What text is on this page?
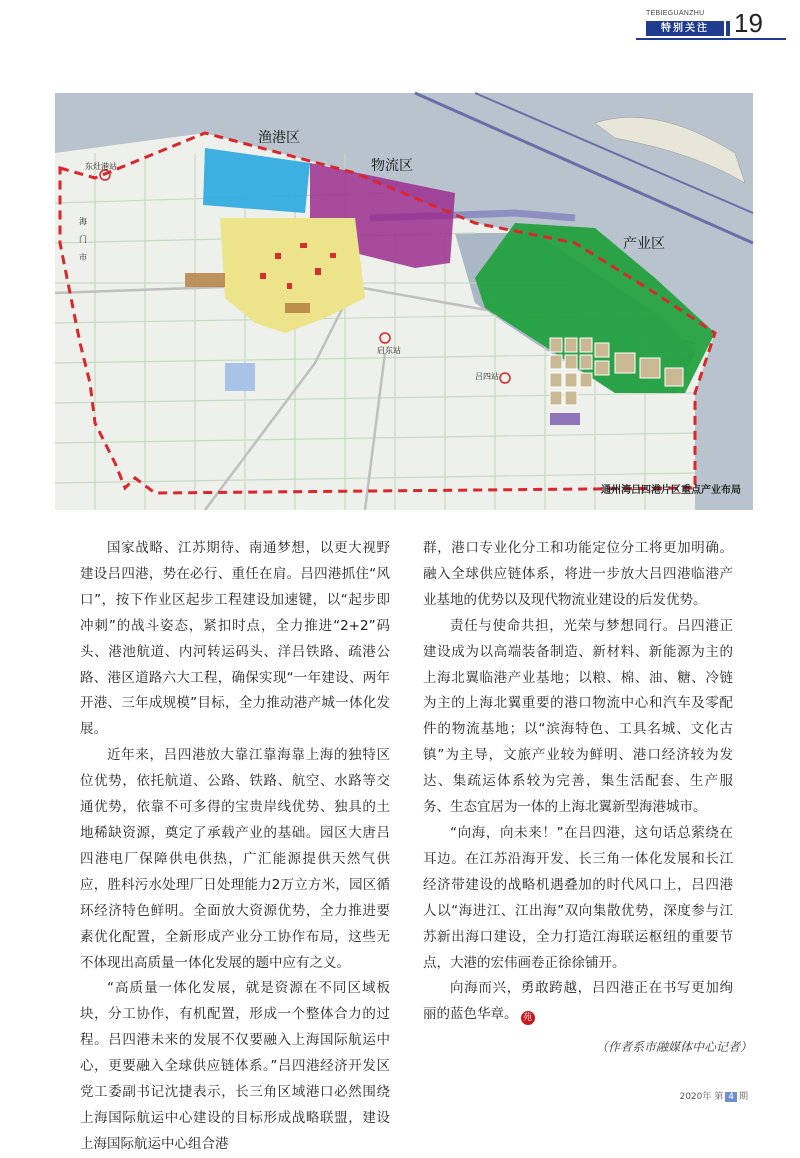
TEBIEGUANZHU
特别关注 19
渔港区
物流区
产业区
东灶港站
吕四站
启东站
海门市
通州湾吕四港片区重点产业布局

国家战略、江苏期待、南通梦想，以更大视野建设吕四港，势在必行、重任在肩。吕四港抓住“风口”，按下作业区起步工程建设加速键，以“起步即冲刺”的战斗姿态，紧扣时点，全力推进“2+2”码头、港池航道、内河转运码头、洋吕铁路、疏港公路、港区道路六大工程，确保实现“一年建设、两年开港、三年成规模”目标，全力推动港产城一体化发展。

近年来，吕四港放大靠江靠海靠上海的独特区位优势，依托航道、公路、铁路、航空、水路等交通优势，依靠不可多得的宝贵岸线优势、独具的土地稀缺资源，奠定了承载产业的基础。园区大唐吕四港电厂保障供电供热，广汇能源提供天然气供应，胜科污水处理厂日处理能力2万立方米，园区循环经济特色鲜明。全面放大资源优势，全力推进要素优化配置，全新形成产业分工协作布局，这些无不体现出高质量一体化发展的题中应有之义。

“高质量一体化发展，就是资源在不同区域板块，分工协作，有机配置，形成一个整体合力的过程。吕四港未来的发展不仅要融入上海国际航运中心，更要融入全球供应链体系。”吕四港经济开发区党工委副书记沈捷表示，长三角区域港口必然围绕上海国际航运中心建设的目标形成战略联盟，建设上海国际航运中心组合港

群，港口专业化分工和功能定位分工将更加明确。融入全球供应链体系，将进一步放大吕四港临港产业基地的优势以及现代物流业建设的后发优势。

责任与使命共担，光荣与梦想同行。吕四港正建设成为以高端装备制造、新材料、新能源为主的上海北翼临港产业基地；以粮、棉、油、糖、冷链为主的上海北翼重要的港口物流中心和汽车及零配件的物流基地；以“滨海特色、工具名城、文化古镇”为主导，文旅产业较为鲜明、港口经济较为发达、集疏运体系较为完善，集生活配套、生产服务、生态宜居为一体的上海北翼新型海港城市。

“向海，向未来！”在吕四港，这句话总萦绕在耳边。在江苏沿海开发、长三角一体化发展和长江经济带建设的战略机遇叠加的时代风口上，吕四港人以“海进江、江出海”双向集散优势，深度参与江苏新出海口建设，全力打造江海联运枢纽的重要节点，大港的宏伟画卷正徐徐铺开。

向海而兴，勇敢跨越，吕四港正在书写更加绚丽的蓝色华章。 苑

（作者系市融媒体中心记者）
2020年 第 4 期
